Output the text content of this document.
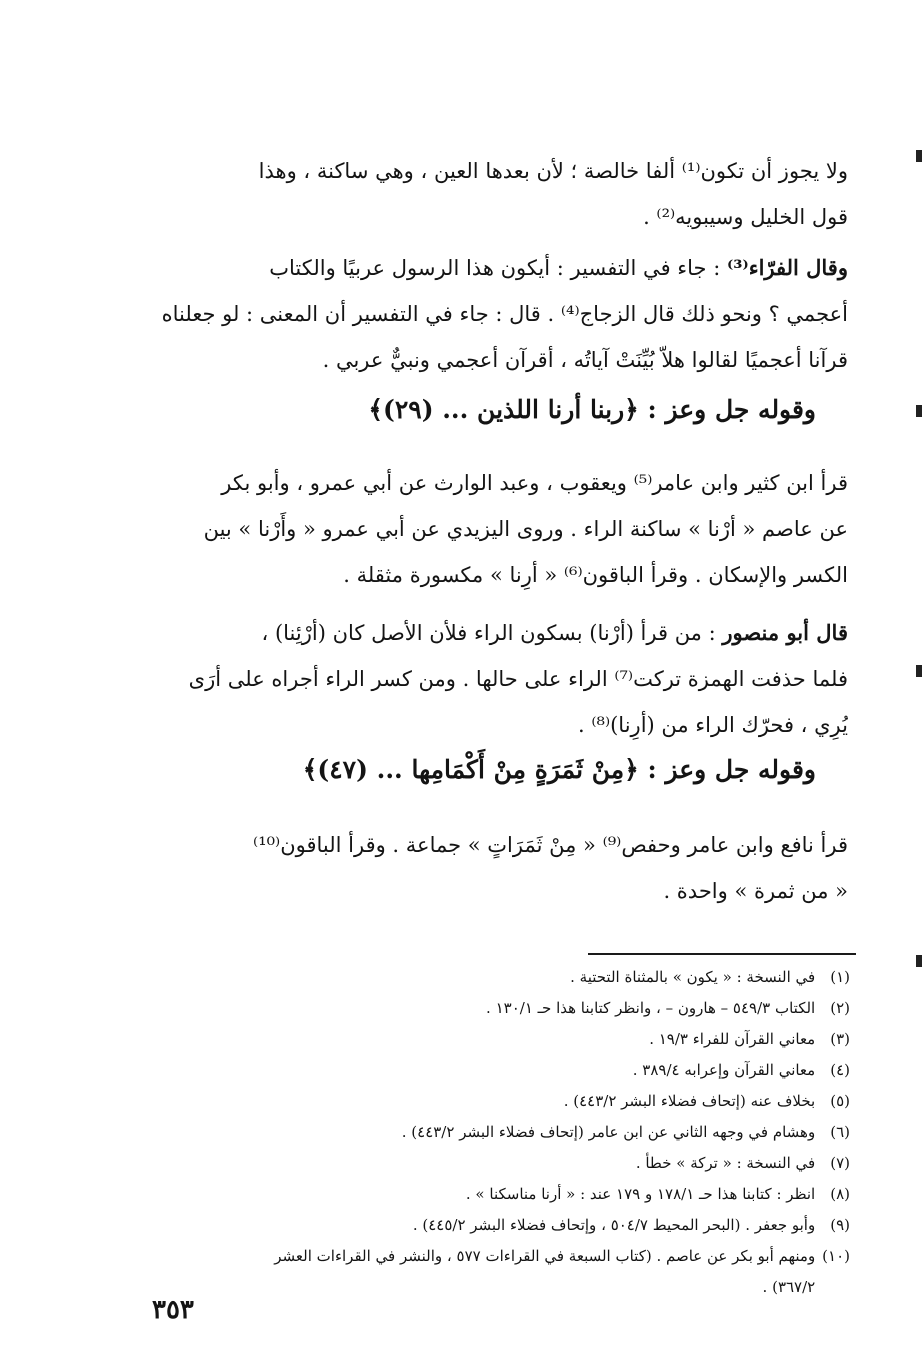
ولا يجوز أن تكون⁽¹⁾ ألفا خالصة ؛ لأن بعدها العين ، وهي ساكنة ، وهذا
قول الخليل وسيبويه⁽²⁾ .
وقال الفرّاء⁽³⁾ : جاء في التفسير : أيكون هذا الرسول عربيًا والكتاب
أعجمي ؟ ونحو ذلك قال الزجاج⁽⁴⁾ . قال : جاء في التفسير أن المعنى : لو جعلناه
قرآنا أعجميًا لقالوا هلاّ بُيِّنَتْ آياتُه ، أقرآن أعجمي ونبيٌّ عربي .
وقوله جل وعز : ﴿ربنا أرنا اللذين ... (٢٩)﴾
قرأ ابن كثير وابن عامر⁽⁵⁾ ويعقوب ، وعبد الوارث عن أبي عمرو ، وأبو بكر
عن عاصم « أرْنا » ساكنة الراء . وروى اليزيدي عن أبي عمرو « وأَرْنا » بين
الكسر والإسكان . وقرأ الباقون⁽⁶⁾ « أرِنا » مكسورة مثقلة .
قال أبو منصور : من قرأ (أرْنا) بسكون الراء فلأن الأصل كان (أرْئِنا) ،
فلما حذفت الهمزة تركت⁽⁷⁾ الراء على حالها . ومن كسر الراء أجراه على أرَى
يُرِي ، فحرّك الراء من (أرِنا)⁽⁸⁾ .
وقوله جل وعز : ﴿مِنْ ثَمَرَةٍ مِنْ أَكْمَامِها ... (٤٧)﴾
قرأ نافع وابن عامر وحفص⁽⁹⁾ « مِنْ ثَمَرَاتٍ » جماعة . وقرأ الباقون⁽¹⁰⁾
« من ثمرة » واحدة .
(١) في النسخة : « يكون » بالمثناة التحتية .
(٢) الكتاب ٥٤٩/٣ – هارون – ، وانظر كتابنا هذا حـ ١٣٠/١ .
(٣) معاني القرآن للفراء ١٩/٣ .
(٤) معاني القرآن وإعرابه ٣٨٩/٤ .
(٥) بخلاف عنه (إتحاف فضلاء البشر ٤٤٣/٢) .
(٦) وهشام في وجهه الثاني عن ابن عامر (إتحاف فضلاء البشر ٤٤٣/٢) .
(٧) في النسخة : « تركة » خطأ .
(٨) انظر : كتابنا هذا حـ ١٧٨/١ و ١٧٩ عند : « أرنا مناسكنا » .
(٩) وأبو جعفر . (البحر المحيط ٥٠٤/٧ ، وإتحاف فضلاء البشر ٤٤٥/٢) .
(١٠) ومنهم أبو بكر عن عاصم . (كتاب السبعة في القراءات ٥٧٧ ، والنشر في القراءات العشر
٣٦٧/٢) .
٣٥٣
